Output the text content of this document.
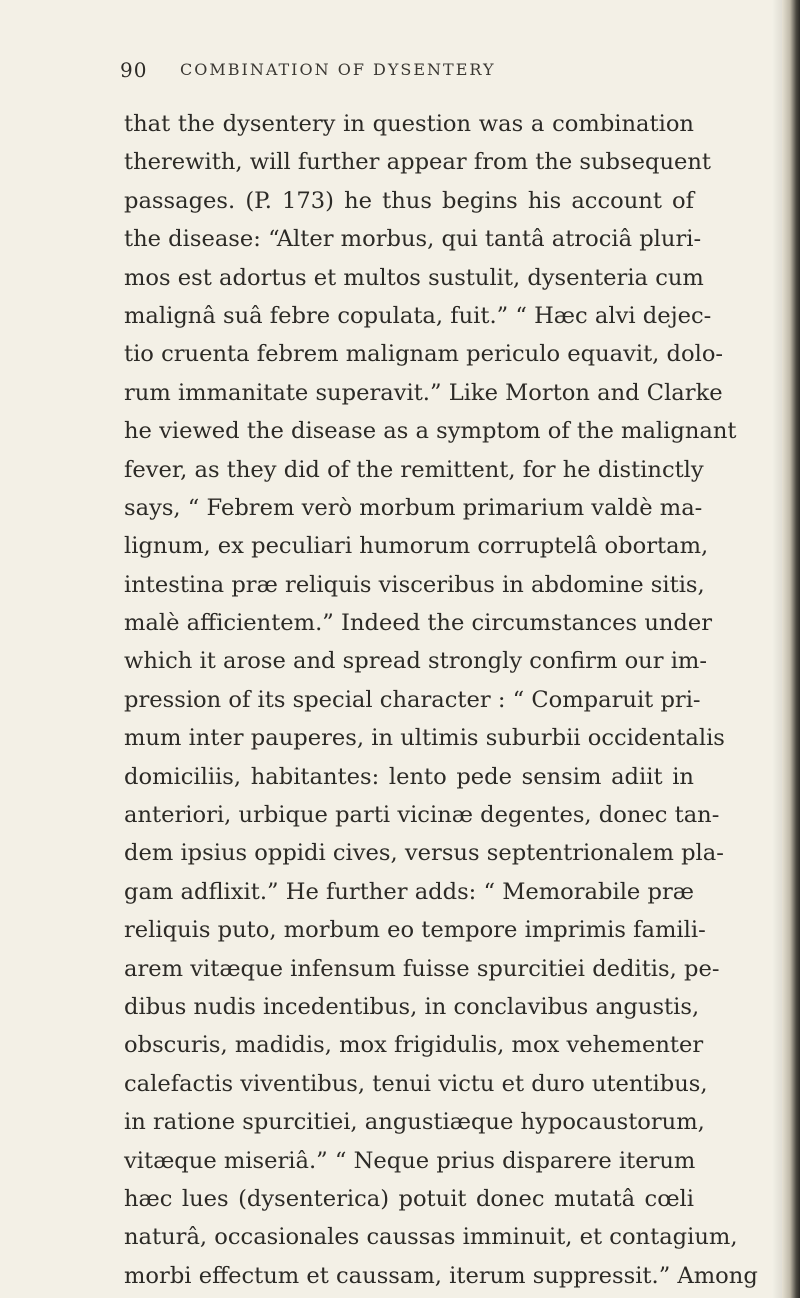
90 COMBINATION OF DYSENTERY
that the dysentery in question was a combination
therewith, will further appear from the subsequent
passages. (P. 173) he thus begins his account of
the disease: “Alter morbus, qui tantâ atrociâ pluri-
mos est adortus et multos sustulit, dysenteria cum
malignâ suâ febre copulata, fuit.” “ Hæc alvi dejec-
tio cruenta febrem malignam periculo equavit, dolo-
rum immanitate superavit.” Like Morton and Clarke
he viewed the disease as a symptom of the malignant
fever, as they did of the remittent, for he distinctly
says, “ Febrem verò morbum primarium valdè ma-
lignum, ex peculiari humorum corruptelâ obortam,
intestina præ reliquis visceribus in abdomine sitis,
malè afficientem.” Indeed the circumstances under
which it arose and spread strongly confirm our im-
pression of its special character : “ Comparuit pri-
mum inter pauperes, in ultimis suburbii occidentalis
domiciliis, habitantes: lento pede sensim adiit in
anteriori, urbique parti vicinæ degentes, donec tan-
dem ipsius oppidi cives, versus septentrionalem pla-
gam adflixit.” He further adds: “ Memorabile præ
reliquis puto, morbum eo tempore imprimis famili-
arem vitæque infensum fuisse spurcitiei deditis, pe-
dibus nudis incedentibus, in conclavibus angustis,
obscuris, madidis, mox frigidulis, mox vehementer
calefactis viventibus, tenui victu et duro utentibus,
in ratione spurcitiei, angustiæque hypocaustorum,
vitæque miseriâ.” “ Neque prius disparere iterum
hæc lues (dysenterica) potuit donec mutatâ cœli
naturâ, occasionales caussas imminuit, et contagium,
morbi effectum et caussam, iterum suppressit.” Among
